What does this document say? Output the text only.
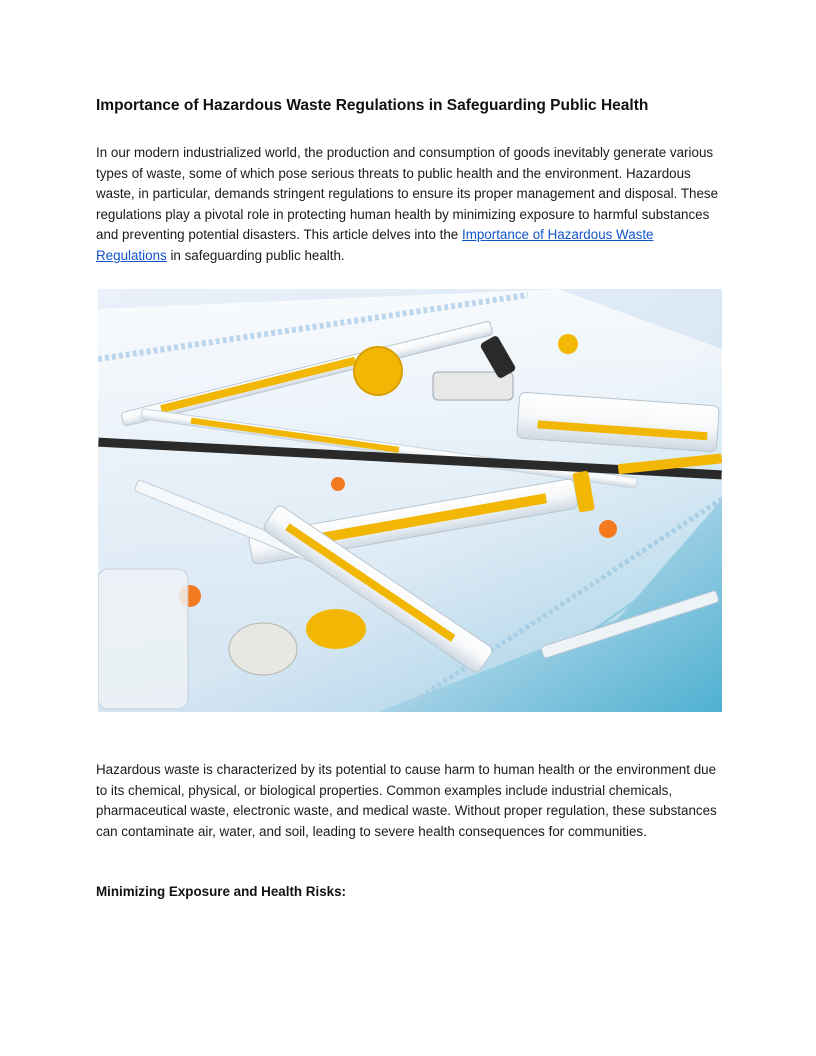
Importance of Hazardous Waste Regulations in Safeguarding Public Health

In our modern industrialized world, the production and consumption of goods inevitably generate various types of waste, some of which pose serious threats to public health and the environment. Hazardous waste, in particular, demands stringent regulations to ensure its proper management and disposal. These regulations play a pivotal role in protecting human health by minimizing exposure to harmful substances and preventing potential disasters. This article delves into the Importance of Hazardous Waste Regulations in safeguarding public health.

Hazardous waste is characterized by its potential to cause harm to human health or the environment due to its chemical, physical, or biological properties. Common examples include industrial chemicals, pharmaceutical waste, electronic waste, and medical waste. Without proper regulation, these substances can contaminate air, water, and soil, leading to severe health consequences for communities.

Minimizing Exposure and Health Risks:
